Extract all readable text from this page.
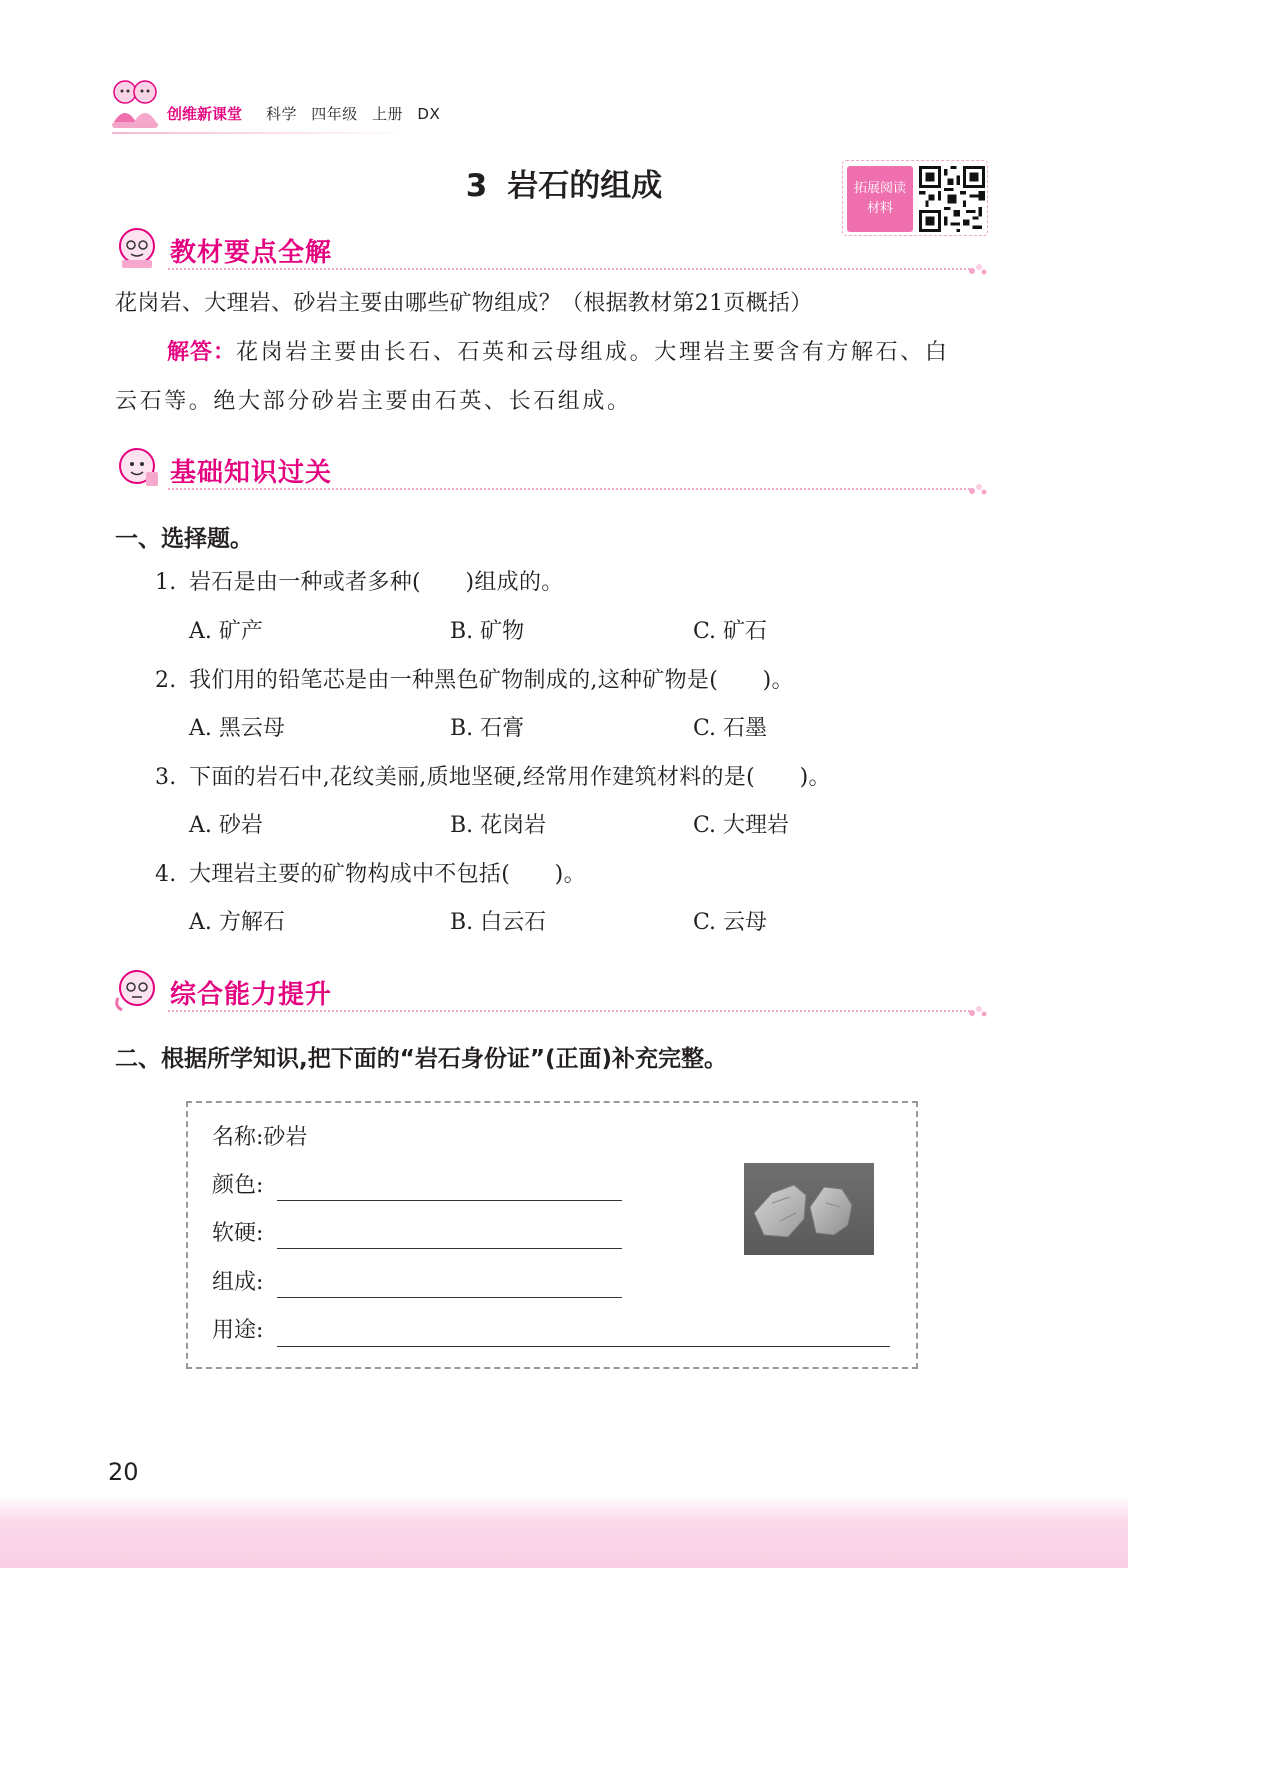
创维新课堂 科学 四年级 上册 DX
3 岩石的组成	拓展阅读材料
教材要点全解
花岗岩、大理岩、砂岩主要由哪些矿物组成？（根据教材第21页概括）
解答：花岗岩主要由长石、石英和云母组成。大理岩主要含有方解石、白
云石等。绝大部分砂岩主要由石英、长石组成。
基础知识过关
一、选择题。
1. 岩石是由一种或者多种(　　)组成的。
A. 矿产	B. 矿物	C. 矿石
2. 我们用的铅笔芯是由一种黑色矿物制成的,这种矿物是(　　)。
A. 黑云母	B. 石膏	C. 石墨
3. 下面的岩石中,花纹美丽,质地坚硬,经常用作建筑材料的是(　　)。
A. 砂岩	B. 花岗岩	C. 大理岩
4. 大理岩主要的矿物构成中不包括(　　)。
A. 方解石	B. 白云石	C. 云母
综合能力提升
二、根据所学知识,把下面的“岩石身份证”(正面)补充完整。
名称:砂岩
颜色:
软硬:
组成:
用途:
20
